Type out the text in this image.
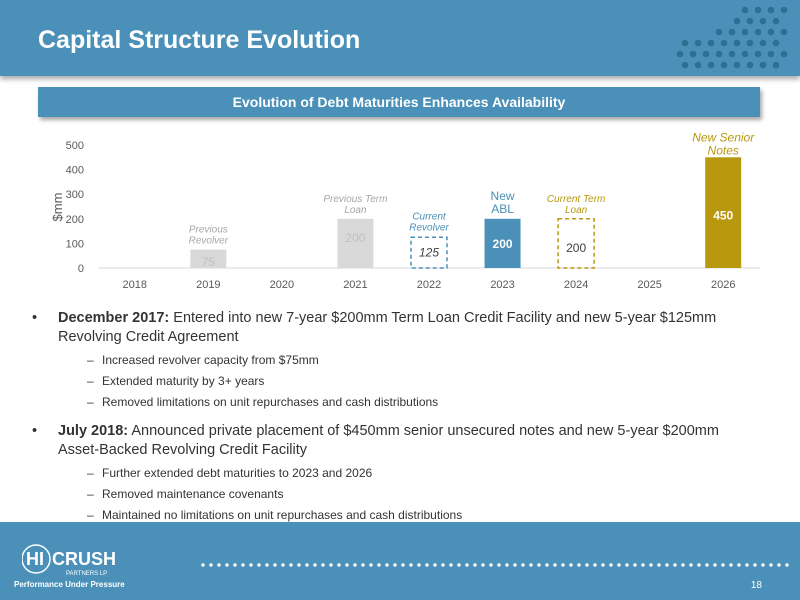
Capital Structure Evolution
Evolution of Debt Maturities Enhances Availability
0
100
200
300
400
500
$mm
2018	2019	2020	2021	2022	2023	2024	2025	2026
75
Previous
Revolver	200
Previous Term
Loan
125
Current
Revolver
200
New
ABL
200
Current Term
Loan	450
New Senior
Notes
• December 2017: Entered into new 7-year $200mm Term Loan Credit Facility and new 5-year $125mm Revolving Credit Agreement
– Increased revolver capacity from $75mm
– Extended maturity by 3+ years
– Removed limitations on unit repurchases and cash distributions
• July 2018: Announced private placement of $450mm senior unsecured notes and new 5-year $200mm Asset-Backed Revolving Credit Facility
– Further extended debt maturities to 2023 and 2026
– Removed maintenance covenants
– Maintained no limitations on unit repurchases and cash distributions
HI CRUSH
PARTNERS LP
Performance Under Pressure	18
